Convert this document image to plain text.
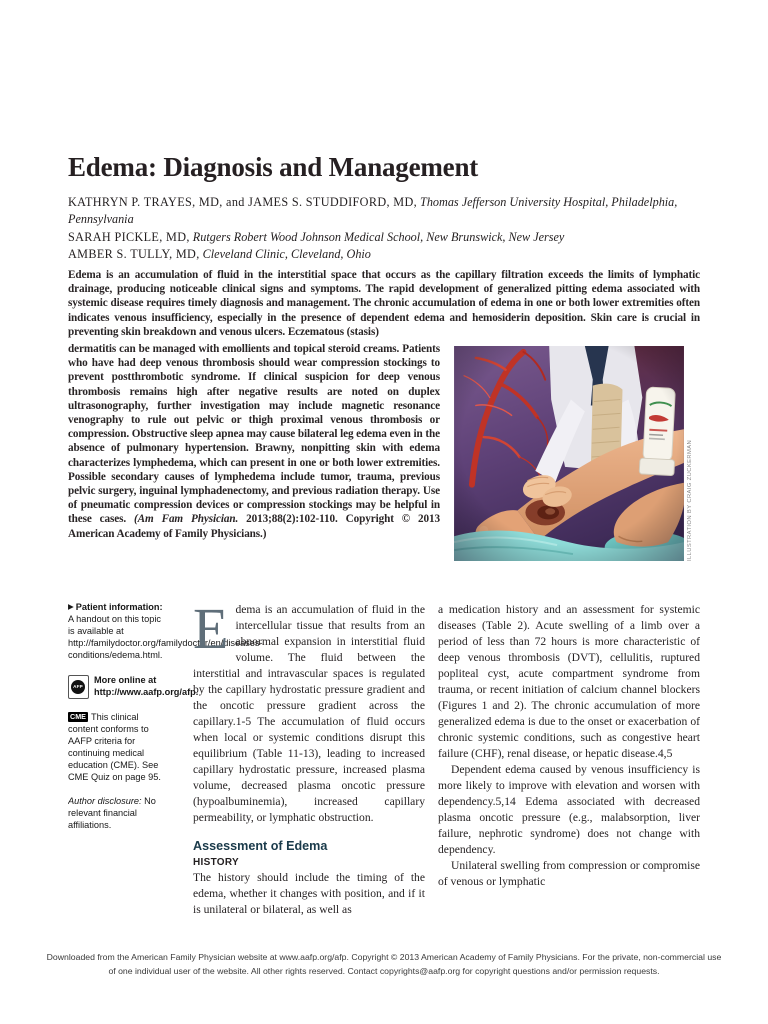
Edema: Diagnosis and Management

KATHRYN P. TRAYES, MD, and JAMES S. STUDDIFORD, MD, Thomas Jefferson University Hospital, Philadelphia, Pennsylvania

SARAH PICKLE, MD, Rutgers Robert Wood Johnson Medical School, New Brunswick, New Jersey

AMBER S. TULLY, MD, Cleveland Clinic, Cleveland, Ohio

Edema is an accumulation of fluid in the interstitial space that occurs as the capillary filtration exceeds the limits of lymphatic drainage, producing noticeable clinical signs and symptoms. The rapid development of generalized pitting edema associated with systemic disease requires timely diagnosis and management. The chronic accumulation of edema in one or both lower extremities often indicates venous insufficiency, especially in the presence of dependent edema and hemosiderin deposition. Skin care is crucial in preventing skin breakdown and venous ulcers. Eczematous (stasis)

dermatitis can be managed with emollients and topical steroid creams. Patients who have had deep venous thrombosis should wear compression stockings to prevent postthrombotic syndrome. If clinical suspicion for deep venous thrombosis remains high after negative results are noted on duplex ultrasonography, further investigation may include magnetic resonance venography to rule out pelvic or thigh proximal venous thrombosis or compression. Obstructive sleep apnea may cause bilateral leg edema even in the absence of pulmonary hypertension. Brawny, nonpitting skin with edema characterizes lymphedema, which can present in one or both lower extremities. Possible secondary causes of lymphedema include tumor, trauma, previous pelvic surgery, inguinal lymphadenectomy, and previous radiation therapy. Use of pneumatic compression devices or compression stockings may be helpful in these cases. (Am Fam Physician. 2013;88(2):102-110. Copyright © 2013 American Academy of Family Physicians.)	ILLUSTRATION BY CRAIG ZUCKERMAN
▶ Patient information:
A handout on this topic is available at http://familydoctor.org/familydoctor/en/diseases-conditions/edema.html.
AFP
More online at http://www.aafp.org/afp.
CME This clinical content conforms to AAFP criteria for continuing medical education (CME). See CME Quiz on page 95.
Author disclosure: No relevant financial affiliations.

Edema is an accumulation of fluid in the intercellular tissue that results from an abnormal expansion in interstitial fluid volume. The fluid between the interstitial and intravascular spaces is regulated by the capillary hydrostatic pressure gradient and the oncotic pressure gradient across the capillary.1-5 The accumulation of fluid occurs when local or systemic conditions disrupt this equilibrium (Table 11-13), leading to increased capillary hydrostatic pressure, increased plasma volume, decreased plasma oncotic pressure (hypoalbuminemia), increased capillary permeability, or lymphatic obstruction.

Assessment of Edema
HISTORY

The history should include the timing of the edema, whether it changes with position, and if it is unilateral or bilateral, as well as

a medication history and an assessment for systemic diseases (Table 2). Acute swelling of a limb over a period of less than 72 hours is more characteristic of deep venous thrombosis (DVT), cellulitis, ruptured popliteal cyst, acute compartment syndrome from trauma, or recent initiation of calcium channel blockers (Figures 1 and 2). The chronic accumulation of more generalized edema is due to the onset or exacerbation of chronic systemic conditions, such as congestive heart failure (CHF), renal disease, or hepatic disease.4,5

Dependent edema caused by venous insufficiency is more likely to improve with elevation and worsen with dependency.5,14 Edema associated with decreased plasma oncotic pressure (e.g., malabsorption, liver failure, nephrotic syndrome) does not change with dependency.

Unilateral swelling from compression or compromise of venous or lymphatic

Downloaded from the American Family Physician website at www.aafp.org/afp. Copyright © 2013 American Academy of Family Physicians. For the private, non-commercial use of one individual user of the website. All other rights reserved. Contact copyrights@aafp.org for copyright questions and/or permission requests.
